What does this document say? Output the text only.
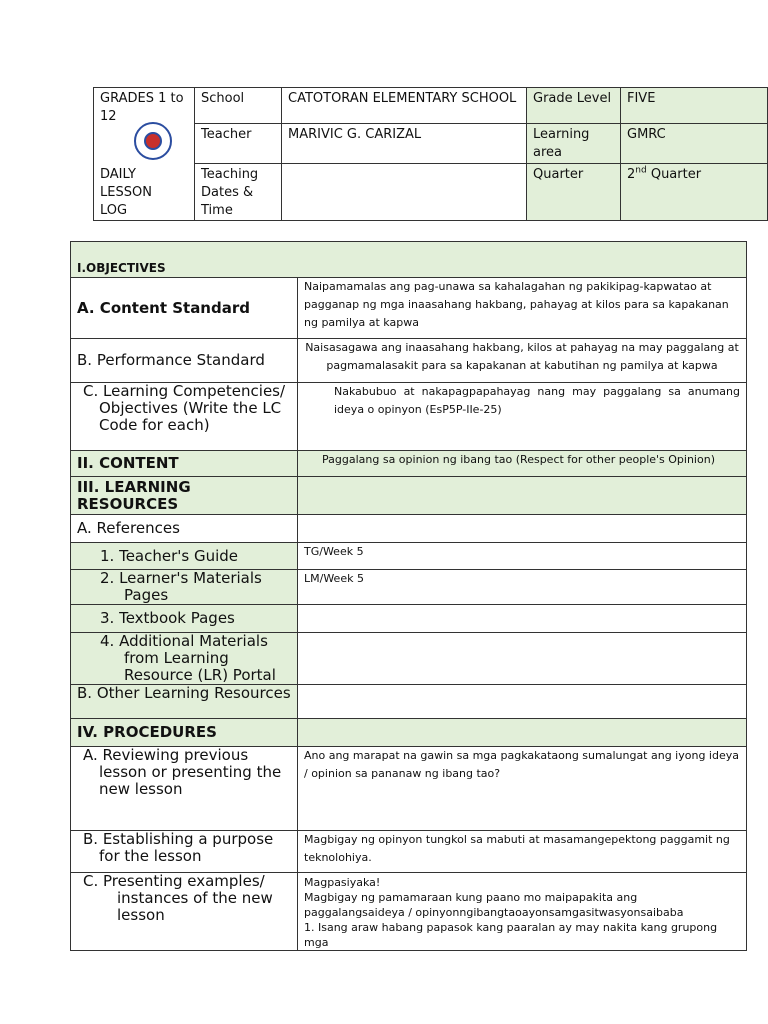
GRADES 1 to 12
DAILY LESSON LOG	School	CATOTORAN ELEMENTARY SCHOOL	Grade Level	FIVE
	Teacher	MARIVIC G. CARIZAL	Learning area	GMRC
	Teaching Dates & Time		Quarter	2nd Quarter
I.OBJECTIVES	
A. Content Standard	Naipamamalas ang pag-unawa sa kahalagahan ng pakikipag-kapwatao at pagganap ng mga inaasahang hakbang, pahayag at kilos para sa kapakanan ng pamilya at kapwa
B. Performance Standard	Naisasagawa ang inaasahang hakbang, kilos at pahayag na may paggalang at pagmamalasakit para sa kapakanan at kabutihan ng pamilya at kapwa

C. Learning Competencies/ Objectives (Write the LC Code for each)	Nakabubuo at nakapagpapahayag nang may paggalang sa anumang ideya o opinyon (EsP5P-IIe-25)
II. CONTENT	Paggalang sa opinion ng ibang tao (Respect for other people's Opinion)
III. LEARNING RESOURCES	
A. References	

1. Teacher's Guide	TG/Week 5

2. Learner's Materials Pages	LM/Week 5

3. Textbook Pages	

4. Additional Materials from Learning Resource (LR) Portal	

B. Other Learning Resources	

IV. PROCEDURES	

A. Reviewing previous lesson or presenting the new lesson	Ano ang marapat na gawin sa mga pagkakataong sumalungat ang iyong ideya / opinion sa pananaw ng ibang tao?

B. Establishing a purpose for the lesson	Magbigay ng opinyon tungkol sa mabuti at masamangepektong paggamit ng teknolohiya.

C. Presenting examples/ instances of the new lesson	Magpasiyaka!
Magbigay ng pamamaraan kung paano mo maipapakita ang paggalangsaideya / opinyonngibangtaoayonsamgasitwasyonsaibaba
1. Isang araw habang papasok kang paaralan ay may nakita kang grupong mga
